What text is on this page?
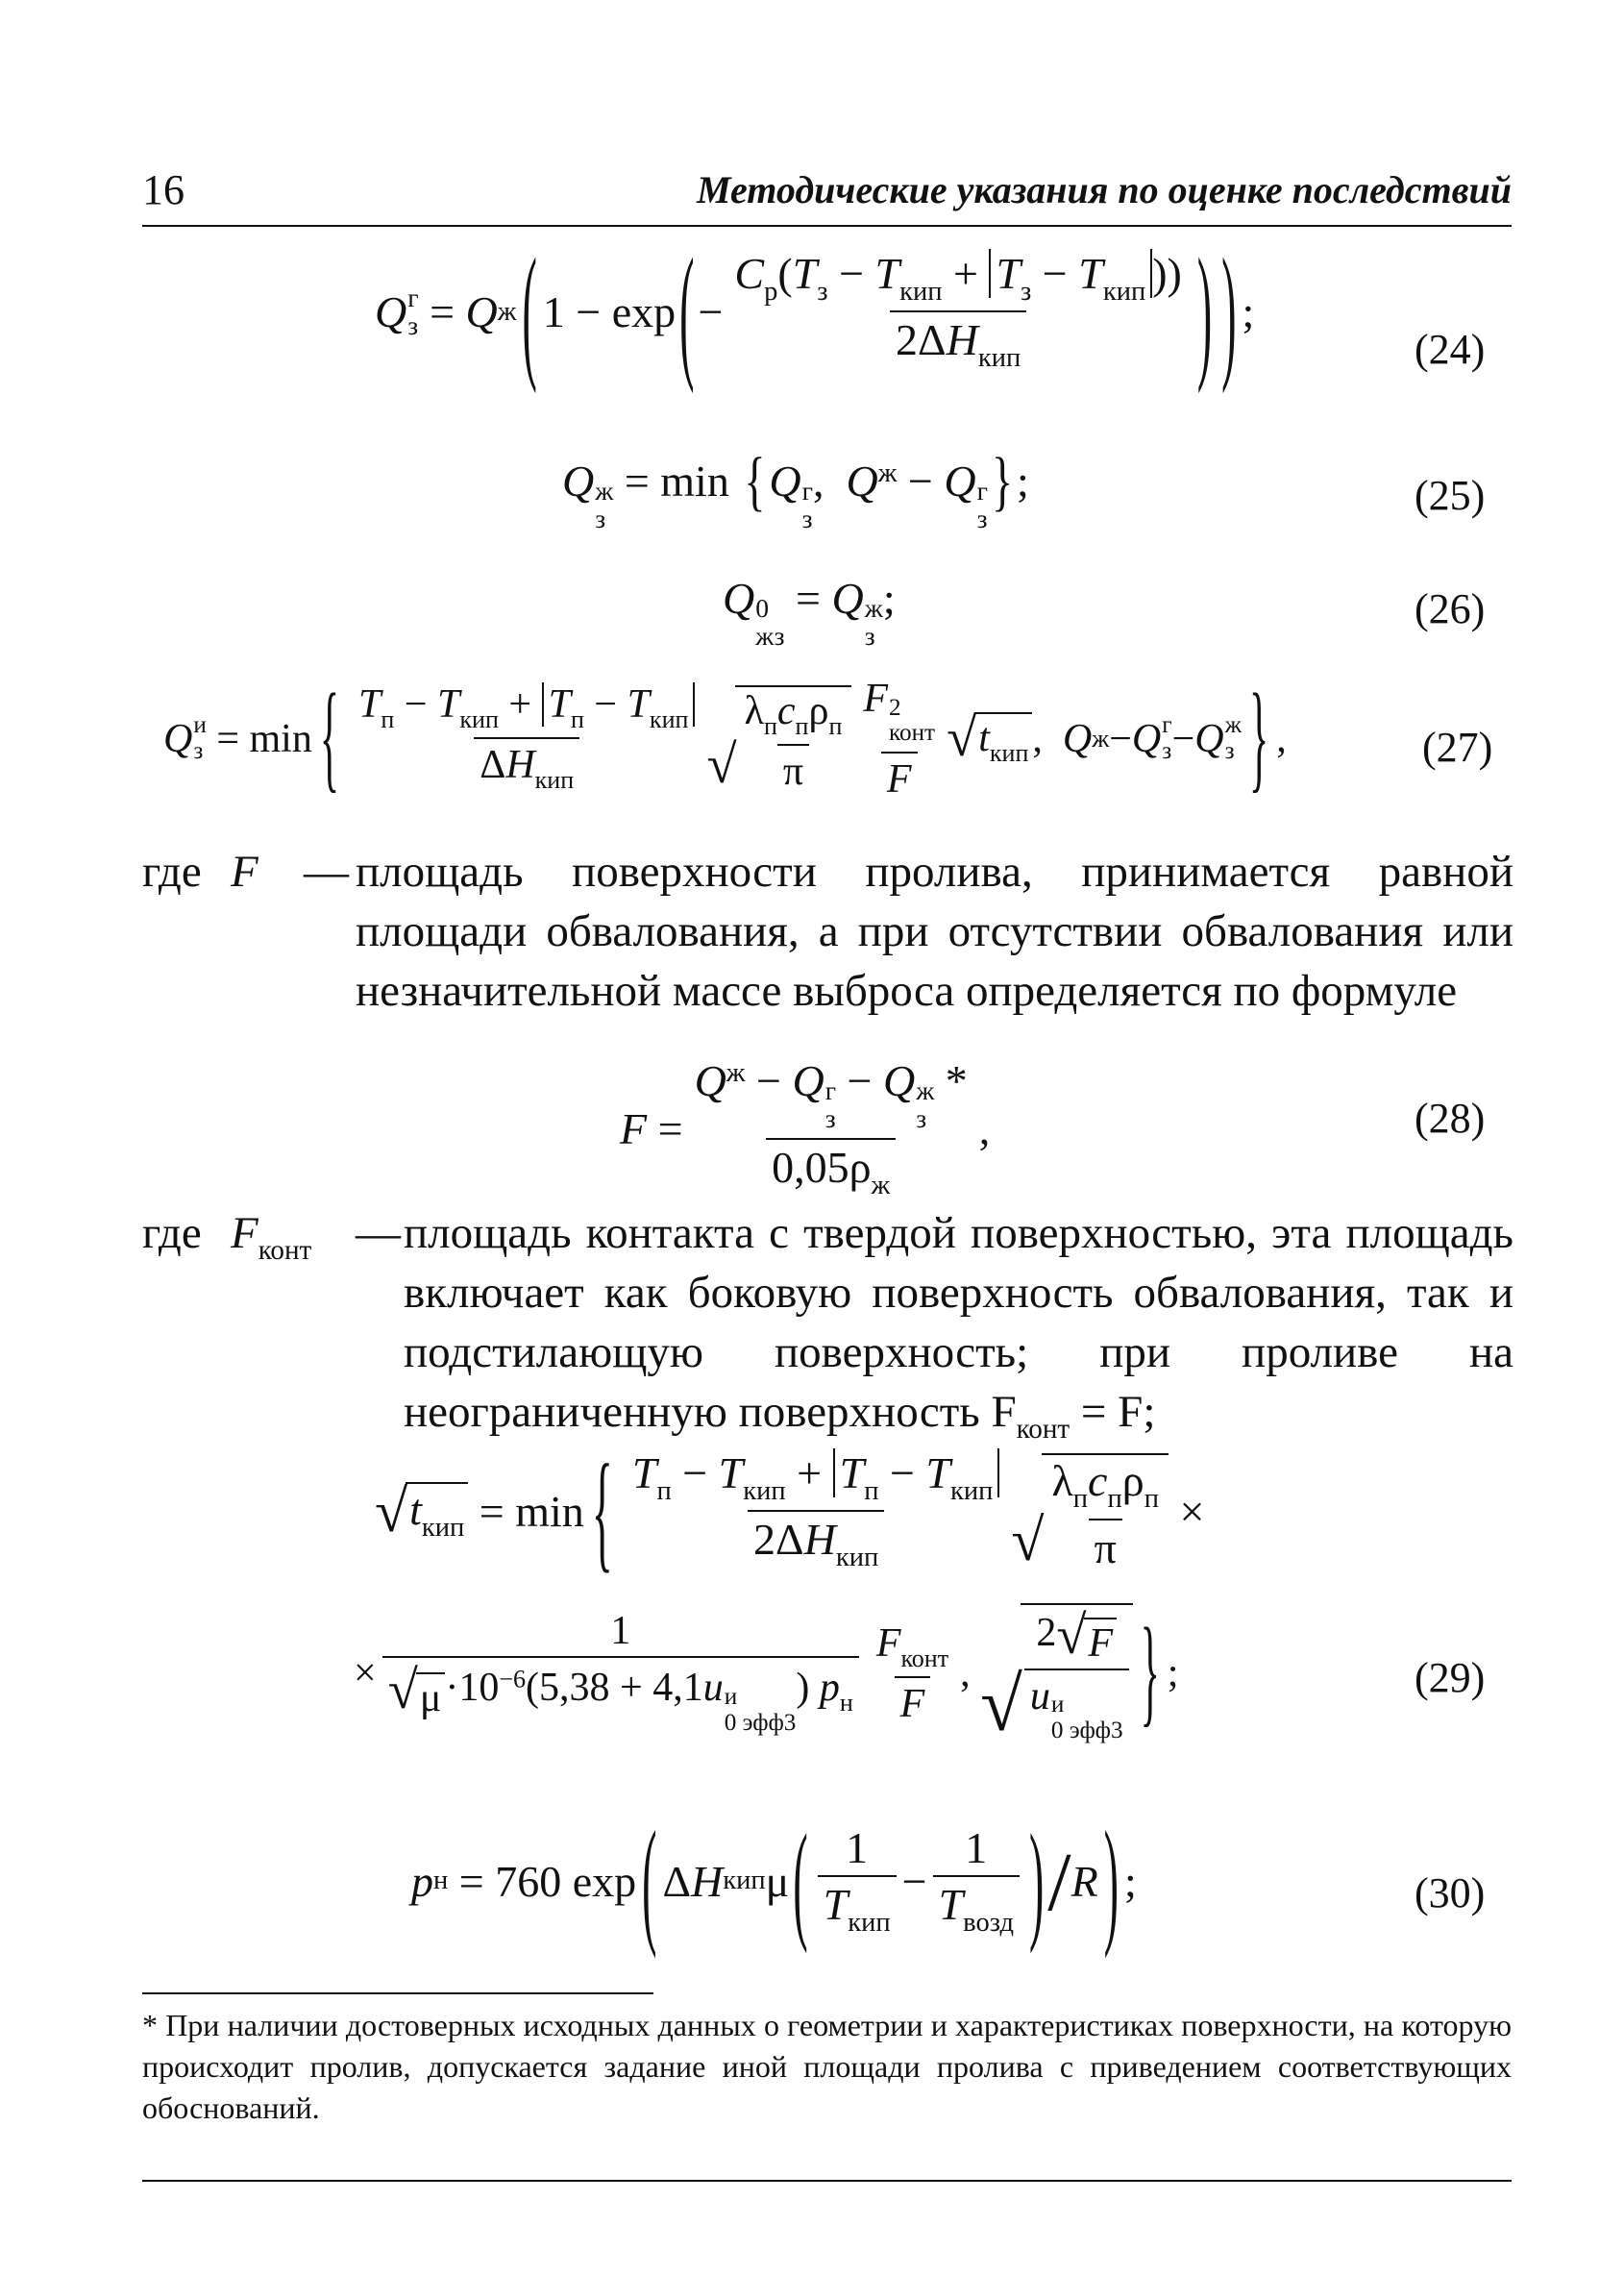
16	Методические указания по оценке последствий
Q г
з = Q ж ( 1 − exp ( −
$C_p(T_з - T_{кип} + T_з - T_{кип}$ ))
$2\Delta H_{кип}$	) ) ;
(24)
Q ж
з
= min {Q г
з
,  $Q^ж - Q$ г
з
};	(25)
Q 0
жз
= Q ж
з
;	(26)
Q и
з = min { $T_п - T_{кип} + T_п - T_{кип}$
$\Delta H_{кип}$ √
$\lambda_пc_п\rho_п$
π
F 2
конт
F
√ $t_{кип}$ , Q ж − Q г
з − Q ж
з } ,	(27)
где F — площадь поверхности пролива, принимается равной площади обвалования, а при отсутствии обвалования или незначительной массе выброса определяется по формуле
F =
$Q^ж - Q$ г
з
− Q ж
з
*
$0,05\rho_ж$
,	(28)
где $F_{конт}$ — площадь контакта с твердой поверхностью, эта площадь включает как боковую поверхность обвалования, так и подстилающую поверхность; при проливе на неограниченную поверхность $F_{конт} = F$;
√ $t_{кип} = \min$ { $T_п - T_{кип} + T_п - T_{кип}$
$2\Delta H_{кип}$ √
$\lambda_пc_п\rho_п$
π
×
×
1
√ $\mu \cdot 10^{-6}(5,38 + 4,1u$ и
0 эфф3
) $p_н$
$F_{конт}$
F
, √
2 √ F
u и
0 эфф3 } ;	(29)
p н = 760 exp ( Δ H кип μ ( 1
$T_{кип}$
−
1
$T_{возд}$ ) / R ) ;	(30)
* При наличии достоверных исходных данных о геометрии и характеристиках поверхности, на которую происходит пролив, допускается задание иной площади пролива с приведением соответствующих обоснований.
